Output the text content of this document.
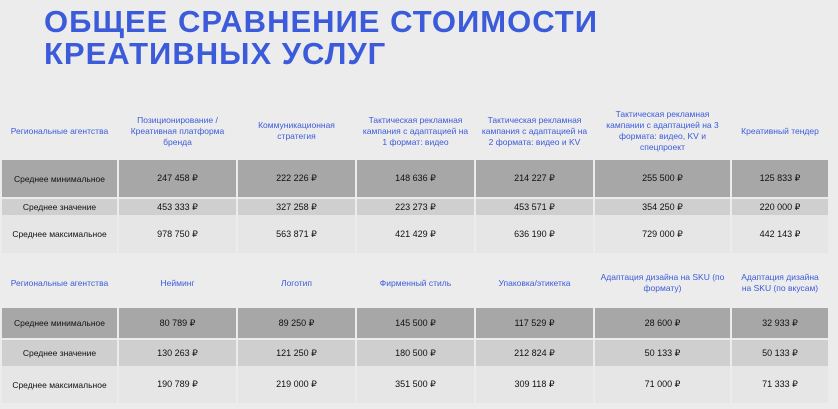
ОБЩЕЕ СРАВНЕНИЕ СТОИМОСТИ
КРЕАТИВНЫХ УСЛУГ
Региональные агентства	Позиционирование / Креативная платформа бренда	Коммуникационная стратегия	Тактическая рекламная кампания с адаптацией на 1 формат: видео	Тактическая рекламная кампания с адаптацией на 2 формата: видео и KV	Тактическая рекламная кампании с адаптацией на 3 формата: видео, KV и спецпроект	Креативный тендер
Среднее минимальное	247 458 ₽	222 226 ₽	148 636 ₽	214 227 ₽	255 500 ₽	125 833 ₽

Среднее значение	453 333 ₽	327 258 ₽	223 273 ₽	453 571 ₽	354 250 ₽	220 000 ₽
Среднее максимальное	978 750 ₽	563 871 ₽	421 429 ₽	636 190 ₽	729 000 ₽	442 143 ₽
Региональные агентства	Нейминг	Логотип	Фирменный стиль	Упаковка/этикетка	Адаптация дизайна на SKU (по формату)	Адаптация дизайна на SKU (по вкусам)
Среднее минимальное	80 789 ₽	89 250 ₽	145 500 ₽	117 529 ₽	28 600 ₽	32 933 ₽

Среднее значение	130 263 ₽	121 250 ₽	180 500 ₽	212 824 ₽	50 133 ₽	50 133 ₽
Среднее максимальное	190 789 ₽	219 000 ₽	351 500 ₽	309 118 ₽	71 000 ₽	71 333 ₽
